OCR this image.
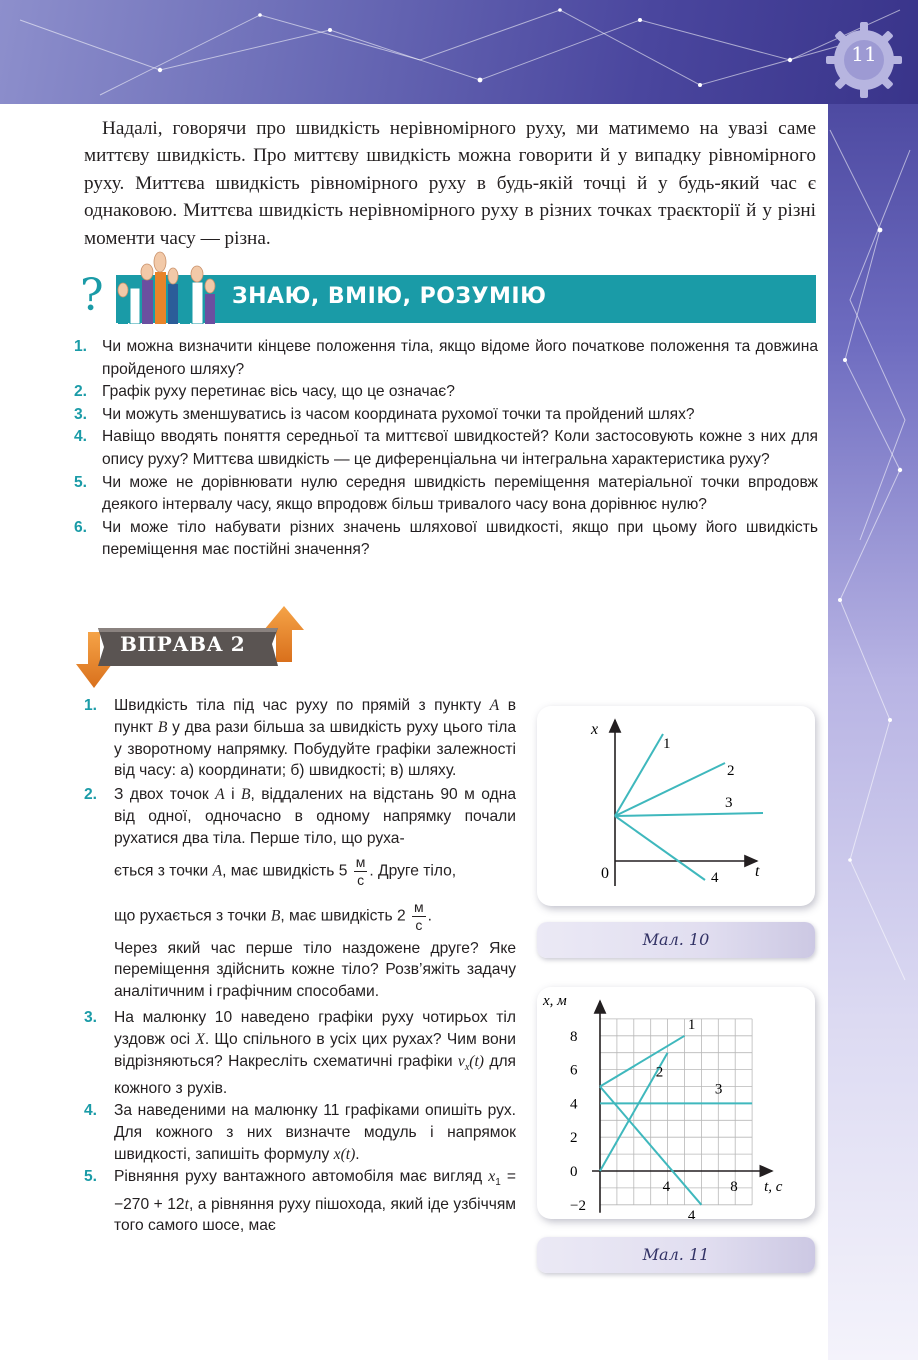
11

Надалі, говорячи про швидкість нерівномірного руху, ми матимемо на увазі саме миттєву швидкість. Про миттєву швидкість можна говорити й у випадку рівномірного руху. Миттєва швидкість рівномірного руху в будь-якій точці й у будь-який час є однаковою. Миттєва швидкість нерівномірного руху в різних точках траєкторії й у різні моменти часу — різна.

?	ЗНАЮ, ВМІЮ, РОЗУМІЮ
1. Чи можна визначити кінцеве положення тіла, якщо відоме його початкове положення та довжина пройденого шляху?
2. Графік руху перетинає вісь часу, що це означає?
3. Чи можуть зменшуватись із часом координата рухомої точки та пройдений шлях?
4. Навіщо вводять поняття середньої та миттєвої швидкостей? Коли застосовують кожне з них для опису руху? Миттєва швидкість — це диференціальна чи інтегральна характеристика руху?
5. Чи може не дорівнювати нулю середня швидкість переміщення матеріальної точки впродовж деякого інтервалу часу, якщо впродовж більш тривалого часу вона дорівнює нулю?
6. Чи може тіло набувати різних значень шляхової швидкості, якщо при цьому його швидкість переміщення має постійні значення?
ВПРАВА 2
1. Швидкість тіла під час руху по прямій з пункту A в пункт B у два рази більша за швидкість руху цього тіла у зворотному напрямку. Побудуйте графіки залежності від часу: а) координати; б) швидкості; в) шляху.
2. З двох точок A і B, віддалених на відстань 90 м одна від одної, одночасно в одному напрямку почали рухатися два тіла. Перше тіло, що руха-
ється з точки A, має швидкість $5 \frac{м}{с}$ . Друге тіло,
що рухається з точки B, має швидкість $2 \frac{м}{с}$ .
Через який час перше тіло наздожене друге? Яке переміщення здійснить кожне тіло? Розв’яжіть задачу аналітичним і графічним способами.
3. На малюнку 10 наведено графіки руху чотирьох тіл уздовж осі X. Що спільного в усіх цих рухах? Чим вони відрізняються? Накресліть схематичні графіки $v_x(t)$ для кожного з рухів.
4. За наведеними на малюнку 11 графіками опишіть рух. Для кожного з них визначте модуль і напрямок швидкості, запишіть формулу x(t).
5. Рівняння руху вантажного автомобіля має вигляд $x_1 = -270 + 12t$, а рівняння руху пішохода, який іде узбіччям того самого шосе, має
x
t
0
1
2
3
4
Мал. 10
8
6
4
2
0
−2
4	8
x, м
t, с
1
2
3
4
Мал. 11
